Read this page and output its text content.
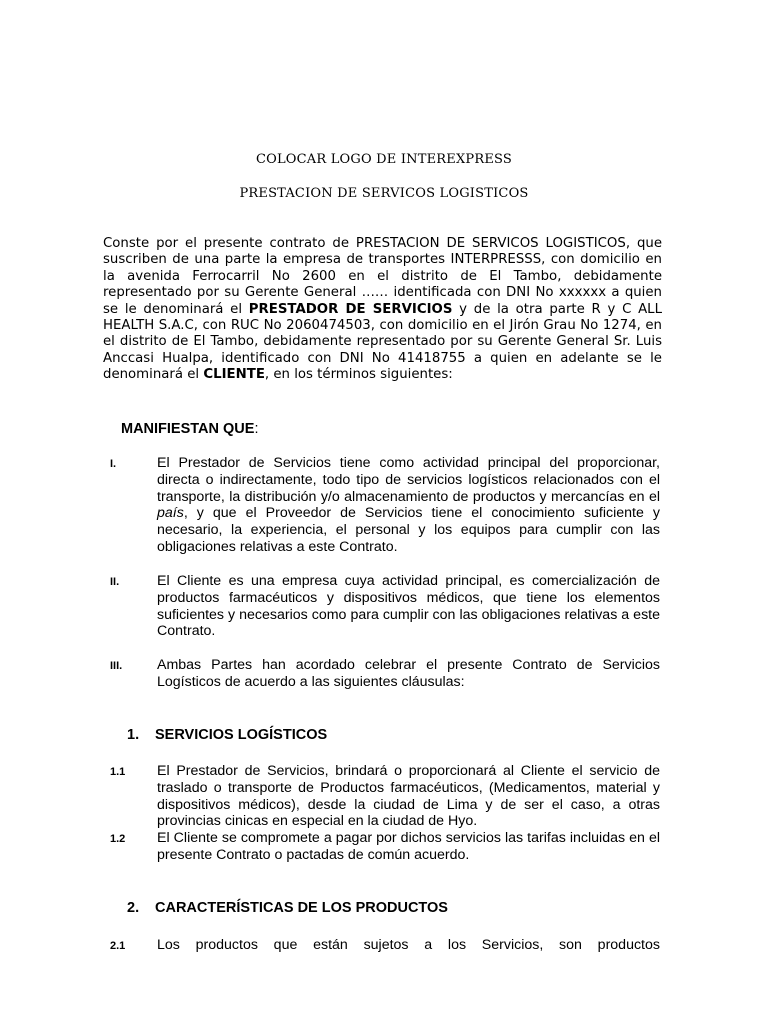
COLOCAR LOGO DE INTEREXPRESS
PRESTACION DE SERVICOS LOGISTICOS
Conste por el presente contrato de PRESTACION DE SERVICOS LOGISTICOS, que suscriben de una parte la empresa de transportes INTERPRESSS, con domicilio en la avenida Ferrocarril No 2600 en el distrito de El Tambo, debidamente representado por su Gerente General …… identificada con DNI No xxxxxx a quien se le denominará el PRESTADOR DE SERVICIOS y de la otra parte R y C ALL HEALTH S.A.C, con RUC No 2060474503, con domicilio en el Jirón Grau No 1274, en el distrito de El Tambo, debidamente representado por su Gerente General Sr. Luis Anccasi Hualpa, identificado con DNI No 41418755 a quien en adelante se le denominará el CLIENTE, en los términos siguientes:
MANIFIESTAN QUE:
I.	El Prestador de Servicios tiene como actividad principal del proporcionar, directa o indirectamente, todo tipo de servicios logísticos relacionados con el transporte, la distribución y/o almacenamiento de productos y mercancías en el país, y que el Proveedor de Servicios tiene el conocimiento suficiente y necesario, la experiencia, el personal y los equipos para cumplir con las obligaciones relativas a este Contrato.
II.	El Cliente es una empresa cuya actividad principal, es comercialización de productos farmacéuticos y dispositivos médicos, que tiene los elementos suficientes y necesarios como para cumplir con las obligaciones relativas a este Contrato.
III. Ambas Partes han acordado celebrar el presente Contrato de Servicios Logísticos de acuerdo a las siguientes cláusulas:
1. SERVICIOS LOGÍSTICOS
1.1 El Prestador de Servicios, brindará o proporcionará al Cliente el servicio de traslado o transporte de Productos farmacéuticos, (Medicamentos, material y dispositivos médicos), desde la ciudad de Lima y de ser el caso, a otras provincias cinicas en especial en la ciudad de Hyo.
1.2 El Cliente se compromete a pagar por dichos servicios las tarifas incluidas en el presente Contrato o pactadas de común acuerdo.
2. CARACTERÍSTICAS DE LOS PRODUCTOS
2.1 Los productos que están sujetos a los Servicios, son productos
